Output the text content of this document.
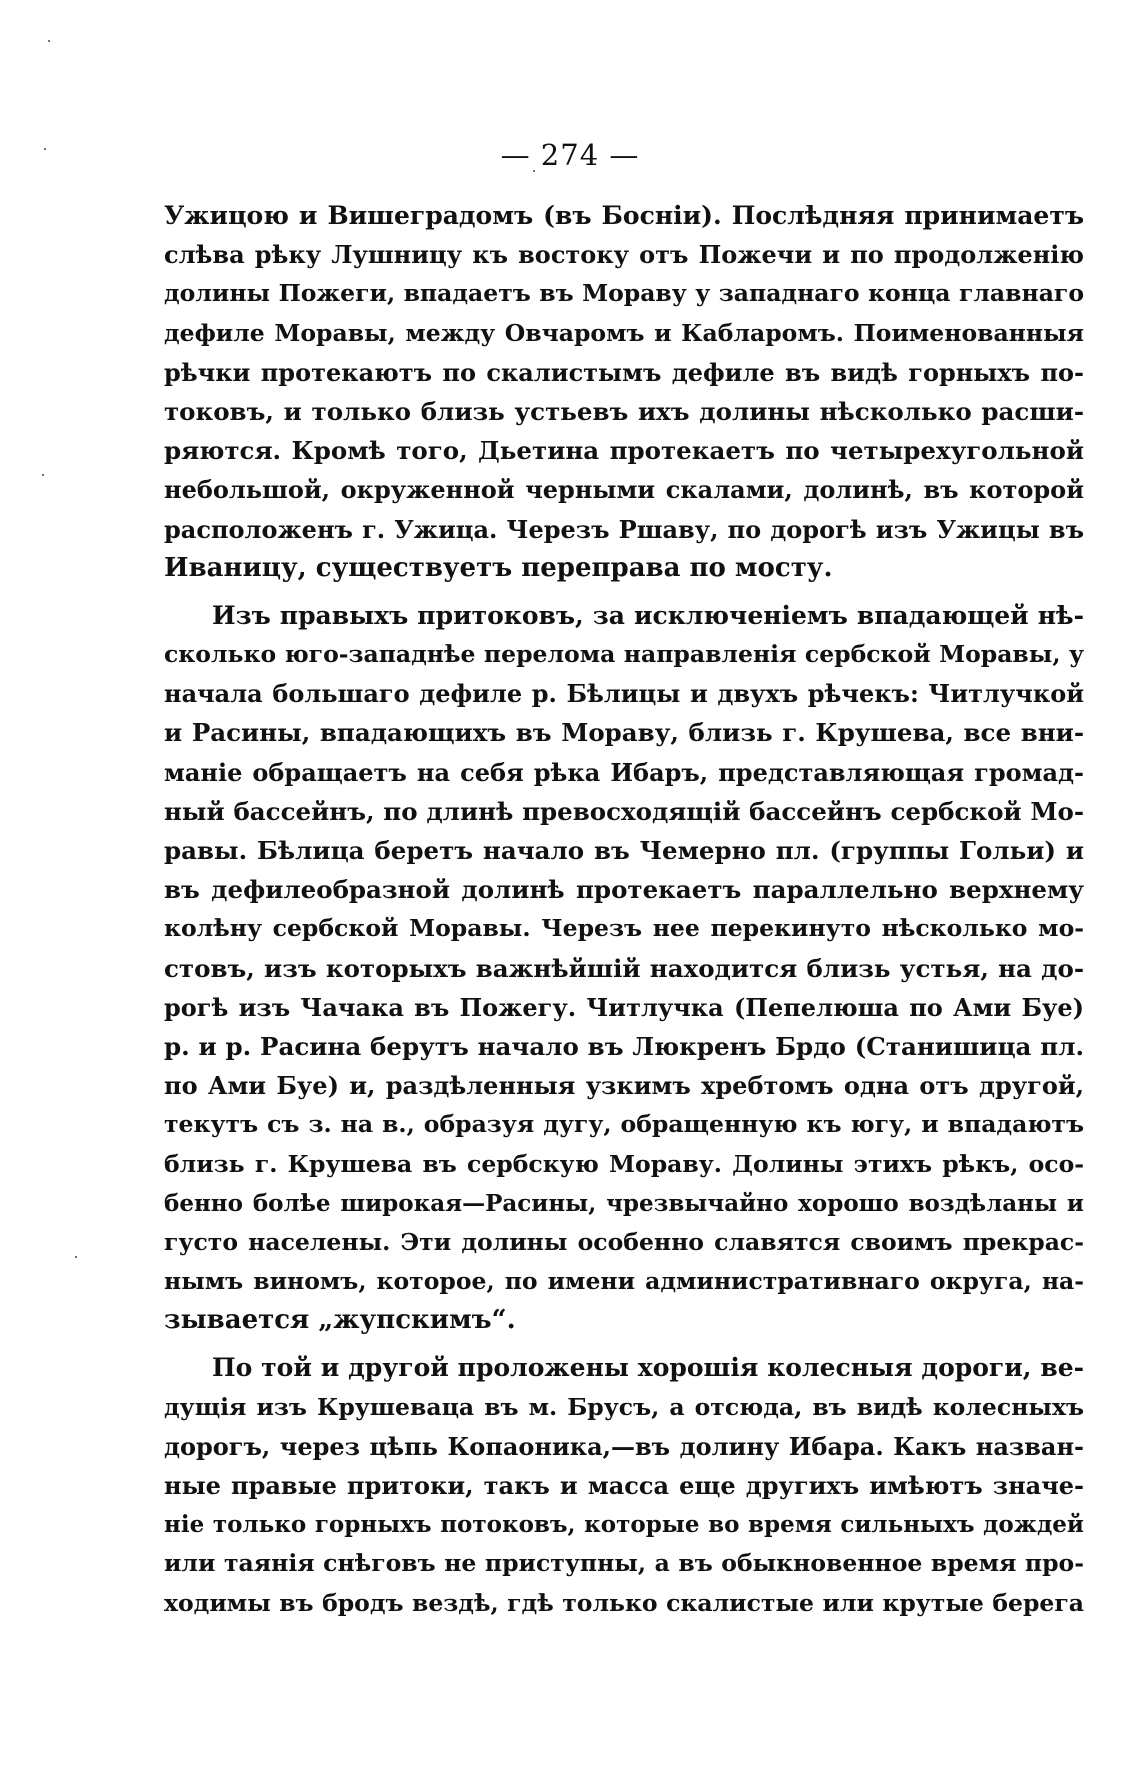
— 274 —
Ужицою и Вишеградомъ (въ Босніи). Послѣдняя принимаетъ
слѣва рѣку Лушницу къ востоку отъ Пожечи и по продолженію
долины Пожеги, впадаетъ въ Мораву у западнаго конца главнаго
дефиле Моравы, между Овчаромъ и Кабларомъ. Поименованныя
рѣчки протекаютъ по скалистымъ дефиле въ видѣ горныхъ по-
токовъ, и только близь устьевъ ихъ долины нѣсколько расши-
ряются. Кромѣ того, Дьетина протекаетъ по четырехугольной
небольшой, окруженной черными скалами, долинѣ, въ которой
расположенъ г. Ужица. Черезъ Ршаву, по дорогѣ изъ Ужицы въ
Иваницу, существуетъ переправа по мосту.
Изъ правыхъ притоковъ, за исключеніемъ впадающей нѣ-
сколько юго-западнѣе перелома направленія сербской Моравы, у
начала большаго дефиле р. Бѣлицы и двухъ рѣчекъ: Читлучкой
и Расины, впадающихъ въ Мораву, близь г. Крушева, все вни-
маніе обращаетъ на себя рѣка Ибаръ, представляющая громад-
ный бассейнъ, по длинѣ превосходящій бассейнъ сербской Мо-
равы. Бѣлица беретъ начало въ Чемерно пл. (группы Гольи) и
въ дефилеобразной долинѣ протекаетъ параллельно верхнему
колѣну сербской Моравы. Черезъ нее перекинуто нѣсколько мо-
стовъ, изъ которыхъ важнѣйшій находится близь устья, на до-
рогѣ изъ Чачака въ Пожегу. Читлучка (Пепелюша по Ами Буе)
р. и р. Расина берутъ начало въ Люкренъ Брдо (Станишица пл.
по Ами Буе) и, раздѣленныя узкимъ хребтомъ одна отъ другой,
текутъ съ з. на в., образуя дугу, обращенную къ югу, и впадаютъ
близь г. Крушева въ сербскую Мораву. Долины этихъ рѣкъ, осо-
бенно болѣе широкая—Расины, чрезвычайно хорошо воздѣланы и
густо населены. Эти долины особенно славятся своимъ прекрас-
нымъ виномъ, которое, по имени административнаго округа, на-
зывается „жупскимъ“.
По той и другой проложены хорошія колесныя дороги, ве-
дущія изъ Крушеваца въ м. Брусъ, а отсюда, въ видѣ колесныхъ
дорогъ, через цѣпь Копаоника,—въ долину Ибара. Какъ назван-
ные правые притоки, такъ и масса еще другихъ имѣютъ значе-
ніе только горныхъ потоковъ, которые во время сильныхъ дождей
или таянія снѣговъ не приступны, а въ обыкновенное время про-
ходимы въ бродъ вездѣ, гдѣ только скалистые или крутые берега
